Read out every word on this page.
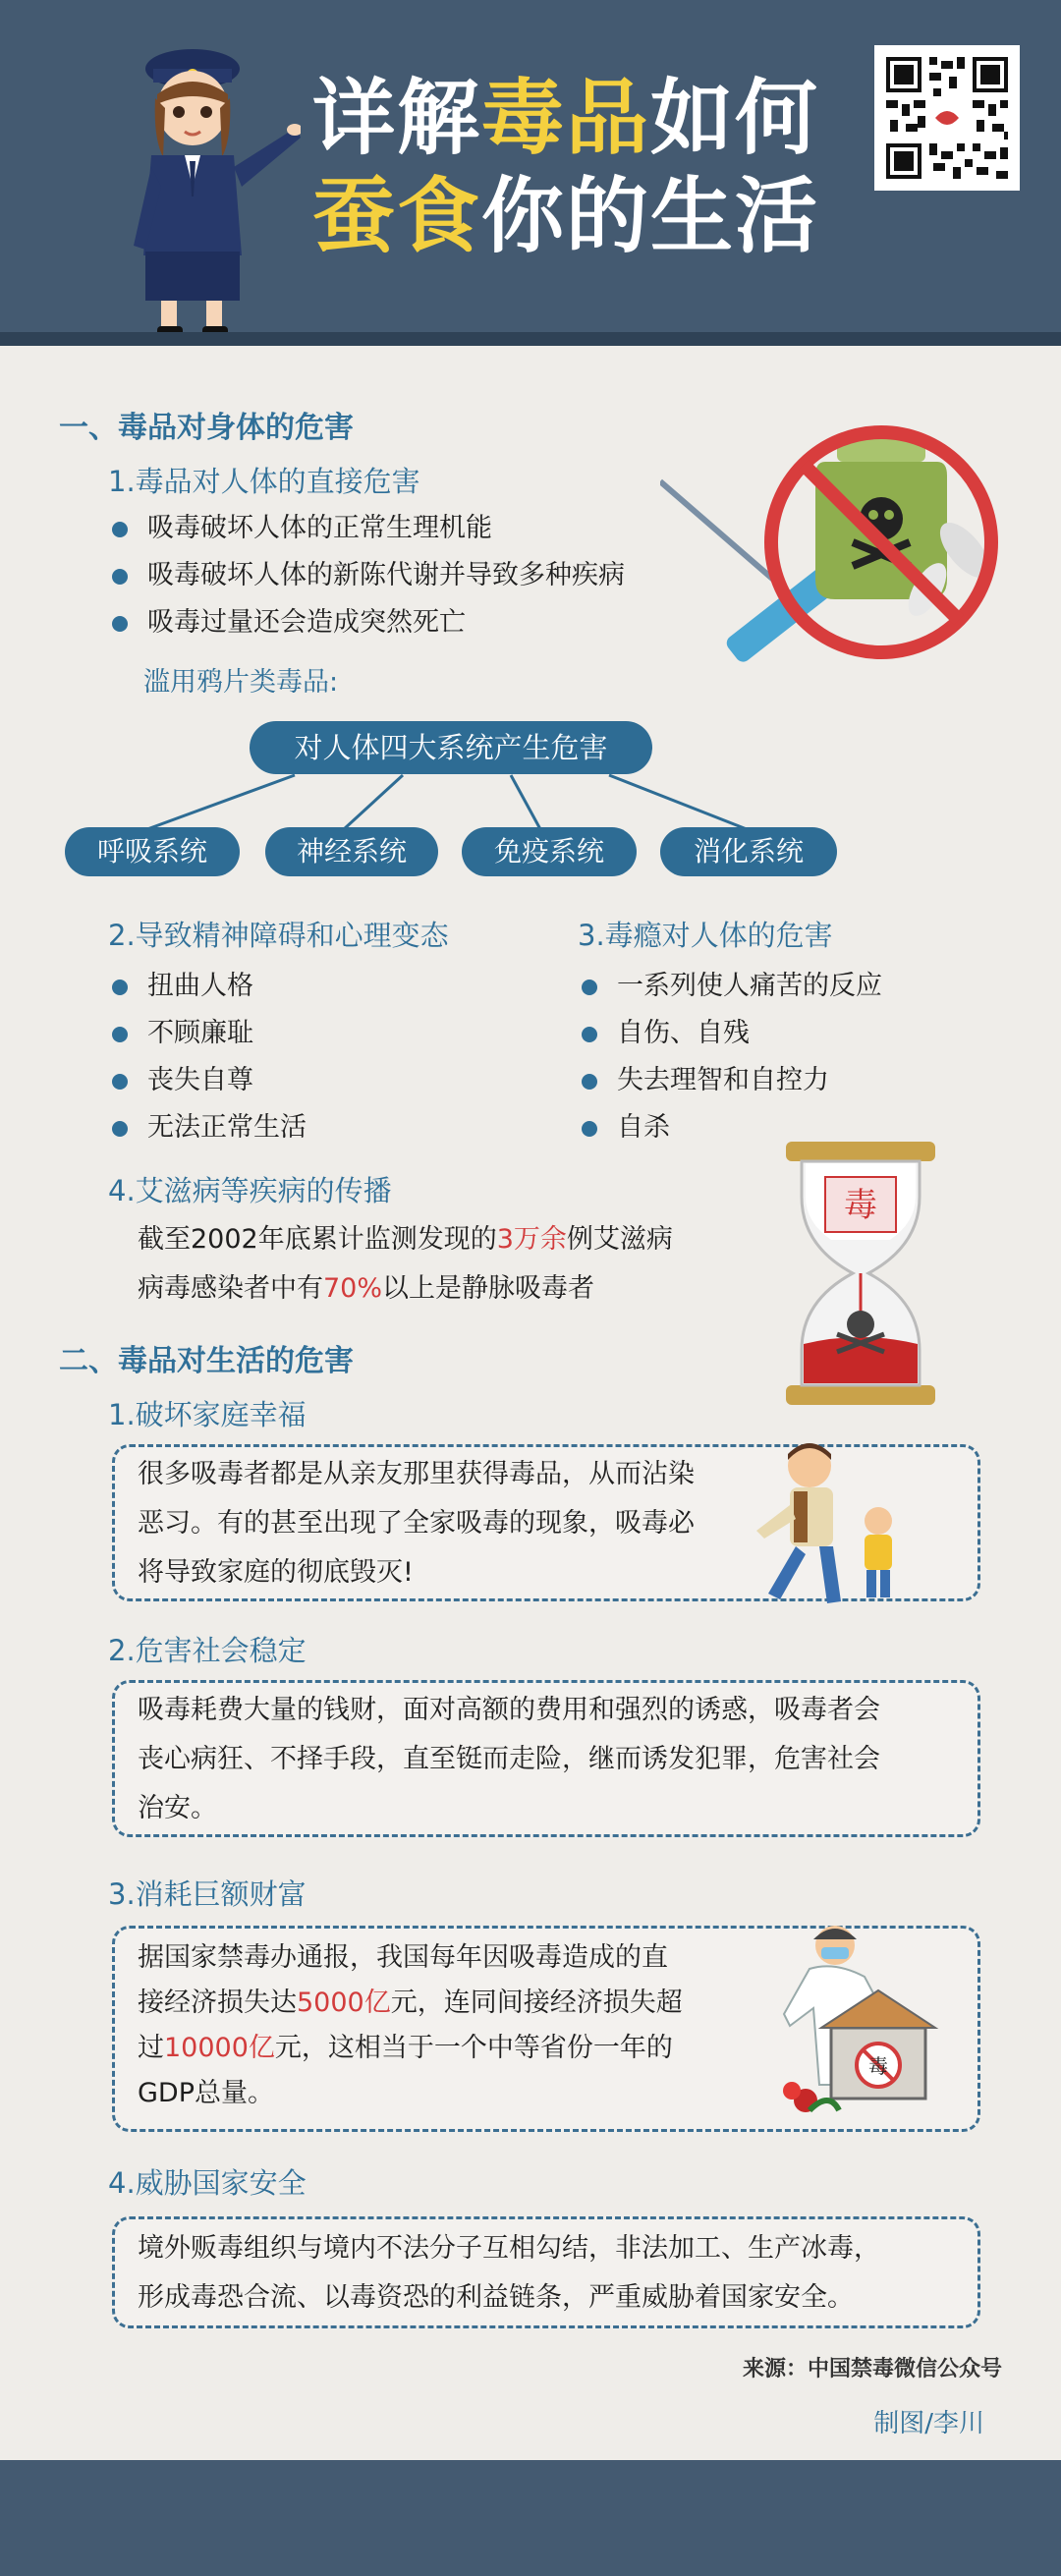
详解毒品如何
蚕食你的生活
一、毒品对身体的危害
1.毒品对人体的直接危害
吸毒破坏人体的正常生理机能
吸毒破坏人体的新陈代谢并导致多种疾病
吸毒过量还会造成突然死亡
滥用鸦片类毒品:
对人体四大系统产生危害
呼吸系统	神经系统	免疫系统	消化系统
2.导致精神障碍和心理变态
扭曲人格
不顾廉耻
丧失自尊
无法正常生活
3.毒瘾对人体的危害
一系列使人痛苦的反应
自伤、自残
失去理智和自控力
自杀
4.艾滋病等疾病的传播
截至2002年底累计监测发现的3万余例艾滋病
病毒感染者中有70%以上是静脉吸毒者
毒
二、毒品对生活的危害
1.破坏家庭幸福
很多吸毒者都是从亲友那里获得毒品，从而沾染
恶习。有的甚至出现了全家吸毒的现象，吸毒必
将导致家庭的彻底毁灭!
2.危害社会稳定
吸毒耗费大量的钱财，面对高额的费用和强烈的诱惑，吸毒者会
丧心病狂、不择手段，直至铤而走险，继而诱发犯罪，危害社会
治安。
3.消耗巨额财富
据国家禁毒办通报，我国每年因吸毒造成的直
接经济损失达5000亿元，连同间接经济损失超
过10000亿元，这相当于一个中等省份一年的
GDP总量。
毒
4.威胁国家安全
境外贩毒组织与境内不法分子互相勾结，非法加工、生产冰毒，
形成毒恐合流、以毒资恐的利益链条，严重威胁着国家安全。
来源：中国禁毒微信公众号
制图/李川
